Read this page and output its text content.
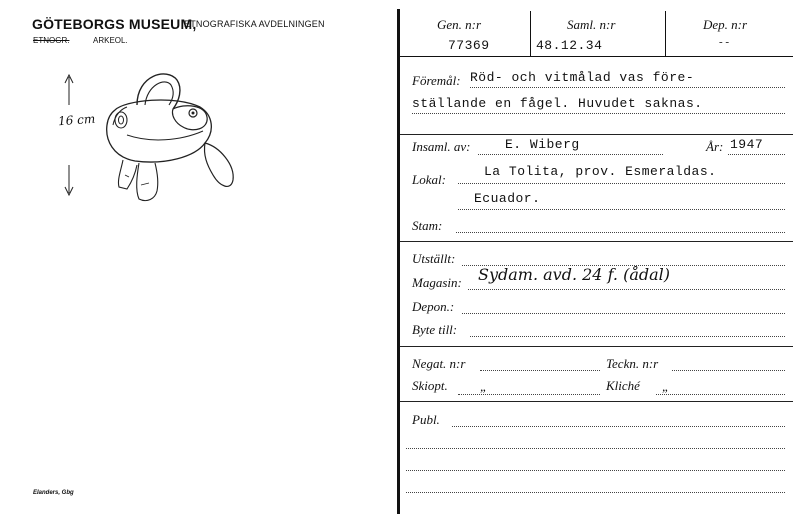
GÖTEBORGS MUSEUM,
ETNOGRAFISKA AVDELNINGEN
ETNOGR.	ARKEOL.
16 cm
Elanders, Gbg
Gen. n:r
77369
Saml. n:r
48.12.34
Dep. n:r
- -
Föremål: Röd- och vitmålad vas före-
ställande en fågel. Huvudet saknas.
Insaml. av:	E. Wiberg	År: 1947
Lokal:
La Tolita, prov. Esmeraldas.
Ecuador.
Stam:
Utställt:
Magasin: Sydam. avd. 24 f. (ådal)
Depon.:
Byte till:
Negat. n:r	Teckn. n:r
Skiopt. „	Kliché „
Publ.
